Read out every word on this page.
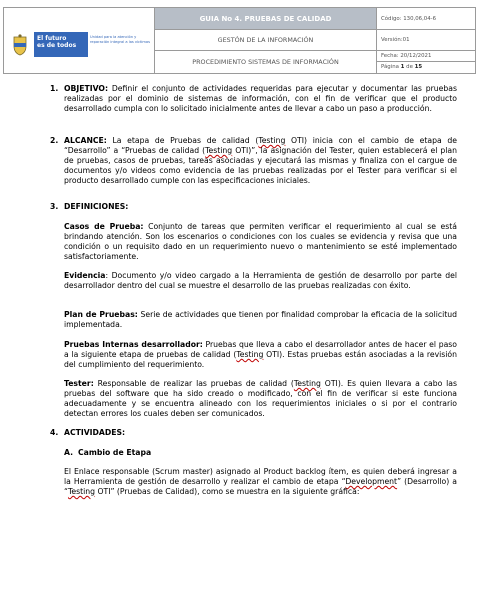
El futuro
es de todos
Unidad para la atención y reparación integral a las víctimas
GUIA No 4. PRUEBAS DE CALIDAD
GESTÓN DE LA INFORMACIÓN
PROCEDIMIENTO SISTEMAS DE INFORMACIÓN
Código: 130,06,04-6
Versión:01
Fecha: 20/12/2021
Página 1 de 15
1. OBJETIVO: Definir el conjunto de actividades requeridas para ejecutar y documentar las pruebas realizadas por el dominio de sistemas de información, con el fin de verificar que el producto desarrollado cumpla con lo solicitado inicialmente antes de llevar a cabo un paso a producción.
2. ALCANCE: La etapa de Pruebas de calidad (Testing OTI) inicia con el cambio de etapa de “Desarrollo” a “Pruebas de calidad (Testing OTI)”, la asignación del Tester, quien establecerá el plan de pruebas, casos de pruebas, tareas asociadas y ejecutará las mismas y finaliza con el cargue de documentos y/o videos como evidencia de las pruebas realizadas por el Tester para verificar si el producto desarrollado cumple con las especificaciones iniciales.
3. DEFINICIONES:
Casos de Prueba: Conjunto de tareas que permiten verificar el requerimiento al cual se está brindando atención. Son los escenarios o condiciones con los cuales se evidencia y revisa que una condición o un requisito dado en un requerimiento nuevo o mantenimiento se esté implementado satisfactoriamente.
Evidencia: Documento y/o video cargado a la Herramienta de gestión de desarrollo por parte del desarrollador dentro del cual se muestre el desarrollo de las pruebas realizadas con éxito.
Plan de Pruebas: Serie de actividades que tienen por finalidad comprobar la eficacia de la solicitud implementada.
Pruebas Internas desarrollador: Pruebas que lleva a cabo el desarrollador antes de hacer el paso a la siguiente etapa de pruebas de calidad (Testing OTI). Estas pruebas están asociadas a la revisión del cumplimiento del requerimiento.
Tester: Responsable de realizar las pruebas de calidad (Testing OTI). Es quien llevara a cabo las pruebas del software que ha sido creado o modificado, con el fin de verificar si este funciona adecuadamente y se encuentra alineado con los requerimientos iniciales o si por el contrario detectan errores los cuales deben ser comunicados.
4. ACTIVIDADES:
A. Cambio de Etapa
El Enlace responsable (Scrum master) asignado al Product backlog ítem, es quien deberá ingresar a la Herramienta de gestión de desarrollo y realizar el cambio de etapa “Development” (Desarrollo) a “Testing OTI” (Pruebas de Calidad), como se muestra en la siguiente gráfica:
